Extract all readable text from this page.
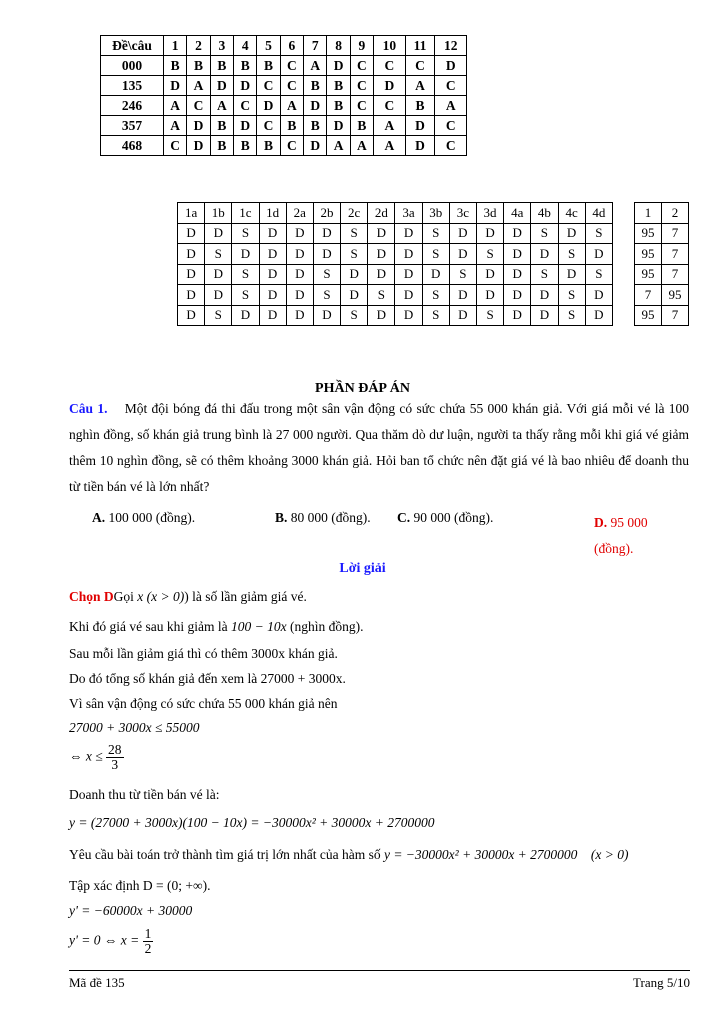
Đề\câu	1	2	3	4	5	6	7	8	9	10	11	12
000	B	B	B	B	B	C	A	D	C	C	C	D
135	D	A	D	D	C	C	B	B	C	D	A	C
246	A	C	A	C	D	A	D	B	C	C	B	A
357	A	D	B	D	C	B	B	D	B	A	D	C
468	C	D	B	B	B	C	D	A	A	A	D	C
1a	1b	1c	1d	2a	2b	2c	2d	3a	3b	3c	3d	4a	4b	4c	4d
D	D	S	D	D	D	S	D	D	S	D	D	D	S	D	S
D	S	D	D	D	D	S	D	D	S	D	S	D	D	S	D
D	D	S	D	D	S	D	D	D	D	S	D	D	S	D	S
D	D	S	D	D	S	D	S	D	S	D	D	D	D	S	D
D	S	D	D	D	D	S	D	D	S	D	S	D	D	S	D
1	2
95	7
95	7
95	7
7	95
95	7
PHẦN ĐÁP ÁN
Câu 1. Một đội bóng đá thi đấu trong một sân vận động có sức chứa 55 000 khán giả. Với giá mỗi vé là 100 nghìn đồng, số khán giả trung bình là 27 000 người. Qua thăm dò dư luận, người ta thấy rằng mỗi khi giá vé giảm thêm 10 nghìn đồng, sẽ có thêm khoảng 3000 khán giả. Hỏi ban tổ chức nên đặt giá vé là bao nhiêu để doanh thu từ tiền bán vé là lớn nhất?
A. 100 000 (đồng).	B. 80 000 (đồng). C. 90 000 (đồng).	D. 95 000 (đồng).
Lời giải
Chọn DGọi x (x > 0)) là số lần giảm giá vé.
Khi đó giá vé sau khi giảm là 100 − 10x (nghìn đồng).
Sau mỗi lần giảm giá thì có thêm 3000x khán giả.
Do đó tổng số khán giả đến xem là 27000 + 3000x.
Vì sân vận động có sức chứa 55 000 khán giả nên
27000 + 3000x ≤ 55000
⇔ $x \le \frac{28}{3}$
Doanh thu từ tiền bán vé là:
y = (27000 + 3000x)(100 − 10x) = −30000x² + 30000x + 2700000
Yêu cầu bài toán trở thành tìm giá trị lớn nhất của hàm số y = −30000x² + 30000x + 2700000 (x > 0)
Tập xác định D = (0; +∞).
y' = −60000x + 30000
y' = 0 ⇔ $x = \frac{1}{2}$
Mã đề 135	Trang 5/10
